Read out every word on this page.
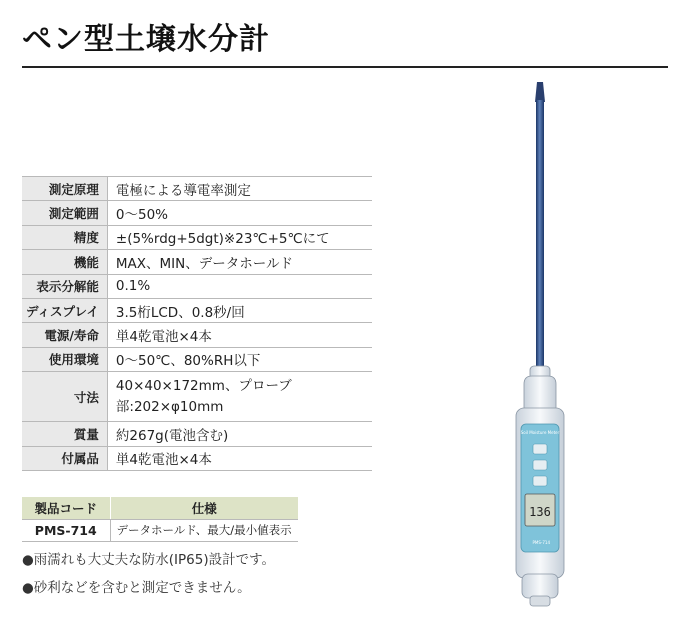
ペン型土壌水分計
測定原理	電極による導電率測定
測定範囲	0～50%
精度	±(5%rdg+5dgt)※23℃+5℃にて
機能	MAX、MIN、データホールド
表示分解能	0.1%
ディスプレイ	3.5桁LCD、0.8秒/回
電源/寿命	単4乾電池×4本
使用環境	0～50℃、80%RH以下
寸法	40×40×172mm、プローブ部:202×φ10mm
質量	約267g(電池含む)
付属品	単4乾電池×4本
製品コード	仕様
PMS-714	データホールド、最大/最小値表示
●雨濡れも大丈夫な防水(IP65)設計です。
●砂利などを含むと測定できません。
Soil Moisture Meter
136
PMS-714
